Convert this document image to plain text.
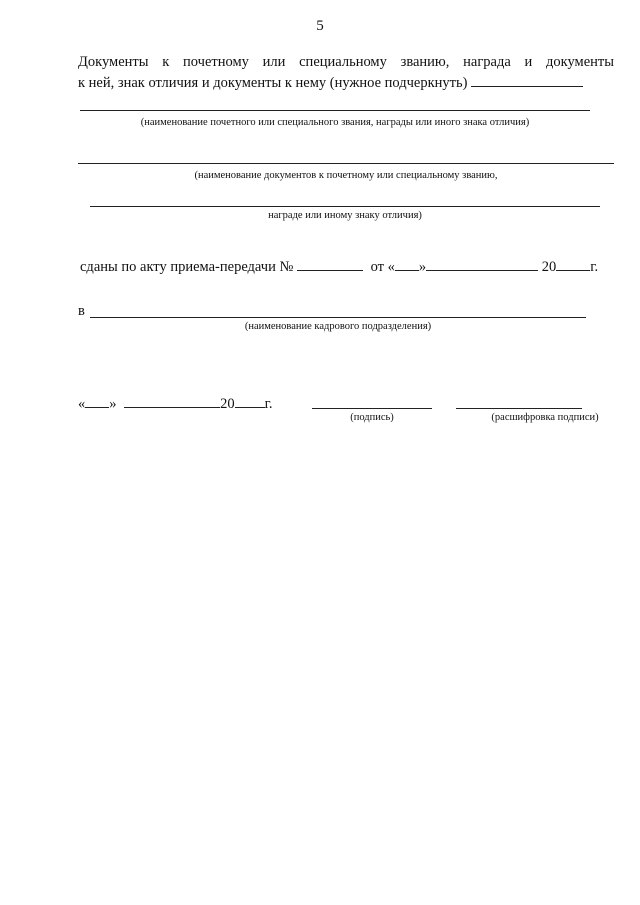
5
Документы к почетному или специальному званию, награда и документы
к ней, знак отличия и документы к нему (нужное подчеркнуть)
(наименование почетного или специального звания, награды или иного знака отличия)
(наименование документов к почетному или специальному званию,
награде или иному знаку отличия)
сданы по акту приема-передачи №	от « »	20 г.
в
(наименование кадрового подразделения)
« »	20 г.
(подпись)	(расшифровка подписи)
